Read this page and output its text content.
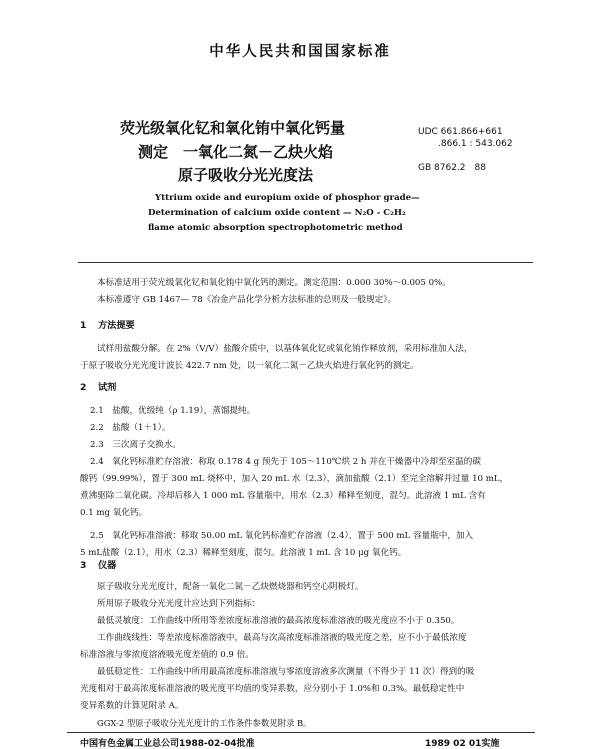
中华人民共和国国家标准
荧光级氧化钇和氧化铕中氧化钙量
测定　一氧化二氮－乙炔火焰
原子吸收分光光度法
UDC 661.866+661
.866.1 : 543.062
GB 8762.2　88
Yttrium oxide and europium oxide of phosphor grade—
Determination of calcium oxide content — N₂O - C₂H₂
flame atomic absorption spectrophotometric method
本标准适用于荧光级氧化钇和氧化铕中氧化钙的测定。测定范围：0.000 30%～0.005 0%。
本标准遵守 GB 1467— 78《冶金产品化学分析方法标准的总则及一般规定》。
1 方法提要
试样用盐酸分解。在 2%（V/V）盐酸介质中，以基体氧化钇或氧化铕作释放剂，采用标准加入法，
于原子吸收分光光度计波长 422.7 nm 处，以一氧化二氮－乙炔火焰进行氧化钙的测定。
2 试剂
2.1　盐酸，优级纯（ρ 1.19），蒸馏提纯。
2.2　盐酸（1＋1）。
2.3　三次离子交换水。
2.4　氧化钙标准贮存溶液：称取 0.178 4 g 预先于 105～110℃烘 2 h 并在干燥器中冷却至室温的碳
酸钙（99.99%），置于 300 mL 烧杯中，加入 20 mL 水（2.3），滴加盐酸（2.1）至完全溶解并过量 10 mL，
煮沸驱除二氧化碳。冷却后移入 1 000 mL 容量瓶中，用水（2.3）稀释至刻度，混匀。此溶液 1 mL 含有
0.1 mg 氧化钙。
2.5　氧化钙标准溶液：移取 50.00 mL 氧化钙标准贮存溶液（2.4），置于 500 mL 容量瓶中，加入
5 mL盐酸（2.1），用水（2.3）稀释至刻度，混匀。此溶液 1 mL 含 10 μg 氧化钙。
3 仪器
原子吸收分光光度计，配备一氧化二氮－乙炔燃烧器和钙空心阴极灯。
所用原子吸收分光光度计应达到下列指标：
最低灵敏度：工作曲线中所用等差浓度标准溶液的最高浓度标准溶液的吸光度应不小于 0.350。
工作曲线线性：等差浓度标准溶液中，最高与次高浓度标准溶液的吸光度之差，应不小于最低浓度
标准溶液与零浓度溶液吸光度差值的 0.9 倍。
最低稳定性：工作曲线中所用最高浓度标准溶液与零浓度溶液多次测量（不得少于 11 次）得到的吸
光度相对于最高浓度标准溶液的吸光度平均值的变异系数，应分别小于 1.0%和 0.3%。最低稳定性中
变异系数的计算见附录 A。
中国有色金属工业总公司1988-02-04批准	1989 02 01实施
GGX-2 型原子吸收分光光度计的工作条件参数见附录 B。
